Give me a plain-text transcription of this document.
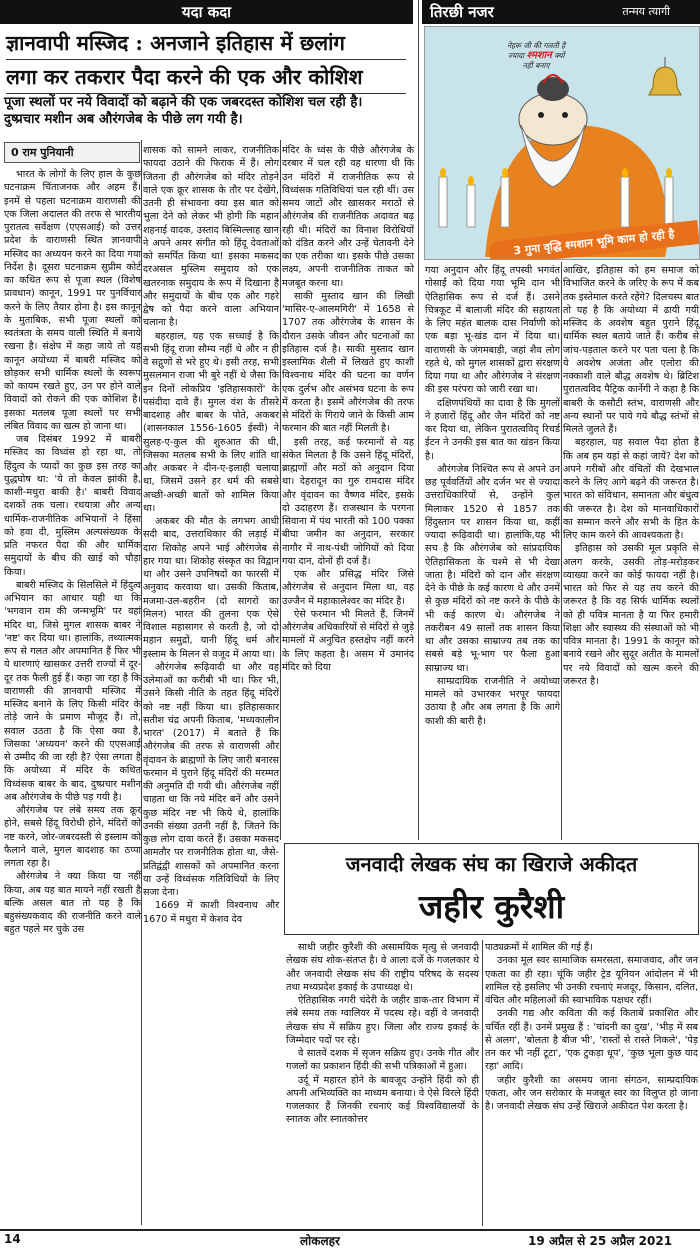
यदा कदा	तिरछी नजर	तन्मय त्यागी
ज्ञानवापी मस्जिद : अनजाने इतिहास में छलांग
लगा कर तकरार पैदा करने की एक और कोशिश
पूजा स्थलों पर नये विवादों को बढ़ाने की एक जबरदस्त कोशिश चल रही है।
दुष्प्रचार मशीन अब औरंगजेब के पीछे लग गयी है।
0 राम पुनियानी

भारत के लोगों के लिए हाल के कुछ घटनाक्रम चिंताजनक और अहम हैं। इनमें से पहला घटनाक्रम वाराणसी की एक जिला अदालत की तरफ से भारतीय पुरातत्व सर्वेक्षण (एएसआई) को उत्तर प्रदेश के वाराणसी स्थित ज्ञानवापी मस्जिद का अध्ययन करने का दिया गया निर्देश है। दूसरा घटनाक्रम सुप्रीम कोर्ट का कथित रूप से पूजा स्थल (विशेष प्रावधान) कानून, 1991 पर पुनर्विचार करने के लिए तैयार होना है। इस कानून के मुताबिक, सभी पूजा स्थलों को स्वतंत्रता के समय वाली स्थिति में बनाये रखना है। संक्षेप में कहा जाये तो यह कानून अयोध्या में बाबरी मस्जिद को छोड़कर सभी धार्मिक स्थलों के स्वरूप को कायम रखते हुए, उन पर होने वाले विवादों को रोकने की एक कोशिश है। इसका मतलब पूजा स्थलों पर सभी लंबित विवाद का खत्म हो जाना था।

जब दिसंबर 1992 में बाबरी मस्जिद का विध्वंस हो रहा था, तो हिंदुत्व के प्यादों का कुछ इस तरह का युद्धघोष था: 'ये तो केवल झांकी है, काशी-मथुरा बाकी है।' बाबरी विवाद दशकों तक चला। रथयात्रा और अन्य धार्मिक-राजनीतिक अभियानों ने हिंसा को हवा दी, मुस्लिम अल्पसंख्यक के प्रति नफरत पैदा की और धार्मिक समुदायों के बीच की खाई को चौड़ा किया।

बाबरी मस्जिद के सिलसिले में हिंदुत्व अभियान का आधार यही था कि 'भगवान राम की जन्मभूमि' पर वहां मंदिर था, जिसे मुगल शासक बाबर ने 'नष्ट' कर दिया था। हालांकि, तथ्यात्मक रूप से गलत और अपमानित हैं फिर भी ये धारणाएं खासकर उत्तरी राज्यों में दूर-दूर तक फैली हुई हैं। कहा जा रहा है कि वाराणसी की ज्ञानवापी मस्जिद में मस्जिद बनाने के लिए किसी मंदिर के तोड़े जाने के प्रमाण मौजूद हैं। तो, सवाल उठता है कि ऐसा क्या है, जिसका 'अध्ययन' करने की एएसआई से उम्मीद की जा रही है? ऐसा लगता है कि अयोध्या में मंदिर के कथित विध्वंसक बाबर के बाद, दुष्प्रचार मशीन अब औरंगजेब के पीछे पड़ गयी है।

औरंगजेब पर लंबे समय तक क्रूर होने, सबसे हिंदू विरोधी होने, मंदिरों को नष्ट करने, जोर-जबरदस्ती से इस्लाम को फैलाने वाले, मुगल बादशाह का ठप्पा लगता रहा है।

औरंगजेब ने क्या किया या नहीं किया, अब यह बात मायने नहीं रखती है बल्कि असल बात तो यह है कि बहुसंख्यकवाद की राजनीति करने वाले बहुत पहले मर चुके उस

शासक को सामने लाकर, राजनीतिक फायदा उठाने की फिराक में हैं। लोग जितना ही औरंगजेब को मंदिर तोड़ने वाले एक क्रूर शासक के तौर पर देखेंगे, उतनी ही संभावना क्या इस बात को भुला देने को लेकर भी होगी कि महान शहनाई वादक, उस्ताद बिस्मिल्लाह खान ने अपने अमर संगीत को हिंदू देवताओं को समर्पित किया था! इसका मकसद दरअसल मुस्लिम समुदाय को एक खतरनाक समुदाय के रूप में दिखाना है और समुदायों के बीच एक और गहरे द्वेष को पैदा करने वाला अभियान चलाना है।

बहरहाल, यह एक सच्चाई है कि सभी हिंदू राजा सौम्य नहीं थे और न ही वे सद्गुणों से भरे हुए थे। इसी तरह, सभी मुसलमान राजा भी बुरे नहीं थे जैसा कि इन दिनों लोकप्रिय 'इतिहासकारों' के पसंदीदा दावे हैं। मुगल वंश के तीसरे बादशाह और बाबर के पोते, अकबर (शासनकाल 1556-1605 ईस्वी) ने सुलह-ए-कुल की शुरुआत की थी, जिसका मतलब सभी के लिए शांति था और अकबर ने दीन-ए-इलाही चलाया था, जिसमें उसने हर धर्म की सबसे अच्छी-अच्छी बातों को शामिल किया था।

अकबर की मौत के लगभग आधी सदी बाद, उत्तराधिकार की लड़ाई में दारा शिकोह अपने भाई औरंगजेब से हार गया था। शिकोह संस्कृत का विद्वान था और उसने उपनिषदों का फारसी में अनुवाद करवाया था। उसकी किताब, मजमा-उल-बहरीन (दो सागरों का मिलन) भारत की तुलना एक ऐसे विशाल महासागर से करती है, जो दो महान समुद्रों, यानी हिंदू धर्म और इस्लाम के मिलन से वजूद में आया था।

औरंगजेब रूढ़िवादी था और वह उलेमाओं का करीबी भी था। फिर भी, उसने किसी नीति के तहत हिंदू मंदिरों को नष्ट नहीं किया था। इतिहासकार सतीश चंद्र अपनी किताब, 'मध्यकालीन भारत' (2017) में बताते हैं कि औरंगजेब की तरफ से वाराणसी और वृंदावन के ब्राह्मणों के लिए जारी बनारस फरमान में पुराने हिंदू मंदिरों की मरम्मत की अनुमति दी गयी थी। औरंगजेब नहीं चाहता था कि नये मंदिर बनें और उसने कुछ मंदिर नष्ट भी किये थे, हालांकि उनकी संख्या उतनी नहीं है, जितने कि कुछ लोग दावा करते हैं। उसका मकसद आमतौर पर राजनीतिक होता था, जैसे-प्रतिद्वंद्वी शासकों को अपमानित करना या उन्हें विध्वंसक गतिविधियों के लिए सजा देना।

1669 में काशी विश्वनाथ और 1670 में मथुरा में केशव देव

मंदिर के ध्वंस के पीछे औरंगजेब के दरबार में चल रही वह धारणा थी कि उन मंदिरों में राजनीतिक रूप से विध्वंसक गतिविधियां चल रही थीं। उस समय जाटों और खासकर मराठों से औरंगजेब की राजनीतिक अदावत बढ़ रही थी। मंदिरों का विनाश विरोधियों को दंडित करने और उन्हें चेतावनी देने का एक तरीका था। इसके पीछे उसका लक्ष्य, अपनी राजनीतिक ताकत को मजबूत करना था।

साकी मुस्ताद खान की लिखी 'मासिर-ए-आलमगिरी' में 1658 से 1707 तक औरंगजेब के शासन के दौरान उसके जीवन और घटनाओं का इतिहास दर्ज है। साकी मुस्ताद खान इस्लामिक शैली में लिखते हुए काशी विश्वनाथ मंदिर की घटना का वर्णन एक दुर्लभ और असंभव घटना के रूप में करता है। इसमें औरंगजेब की तरफ से मंदिरों के गिराये जाने के किसी आम फरमान की बात नहीं मिलती है।

इसी तरह, कई फरमानों से यह संकेत मिलता है कि उसने हिंदू मंदिरों, ब्राह्मणों और मठों को अनुदान दिया था। देहरादून का गुरु रामदास मंदिर और वृंदावन का वैष्णव मंदिर, इसके दो उदाहरण हैं। राजस्थान के परगना सिवाना में पंथ भारती को 100 पक्का बीघा जमीन का अनुदान, सरकार नागौर में नाथ-पंथी जोगियों को दिया गया दान, दोनों ही दर्ज हैं।

एक और प्रसिद्ध मंदिर जिसे औरंगजेब से अनुदान मिला था, वह उज्जैन में महाकालेश्वर का मंदिर है।

ऐसे फरमान भी मिलते हैं, जिनमें औरंगजेब अधिकारियों से मंदिरों से जुड़े मामलों में अनुचित हस्तक्षेप नहीं करने के लिए कहता है। असम में उमानंद मंदिर को दिया

नेहरू जी की गलती है
ज्यादा श्मशान क्यों
नहीं बनाए
3 गुना वृद्धि श्मशान भूमि काम हो रही है

गया अनुदान और हिंदू तपस्वी भगवंत गोसाईं को दिया गया भूमि दान भी ऐतिहासिक रूप से दर्ज हैं। उसने चित्रकूट में बालाजी मंदिर की सहायता के लिए महंत बालक दास निर्वाणी को एक बड़ा भू-खंड दान में दिया था। वाराणसी के जंगमबाड़ी, जहां शैव लोग रहते थे, को मुगल शासकों द्वारा संरक्षण दिया गया था और औरंगजेब ने संरक्षण की इस परंपरा को जारी रखा था।

दक्षिणपंथियों का दावा है कि मुगलों ने हजारों हिंदू और जैन मंदिरों को नष्ट कर दिया था, लेकिन पुरातत्वविद् रिचर्ड ईटन ने उनकी इस बात का खंडन किया है।

औरंगजेब निश्चित रूप से अपने उन छह पूर्ववर्तियों और दर्जन भर से ज्यादा उत्तराधिकारियों से, उन्होंने कुल मिलाकर 1520 से 1857 तक हिंदुस्तान पर शासन किया था, कहीं ज्यादा रूढ़िवादी था। हालांकि,यह भी सच है कि औरंगजेब को सांप्रदायिक ऐतिहासिकता के चश्मे से भी देखा जाता है। मंदिरों को दान और संरक्षण देने के पीछे के कई कारण थे और उनमें से कुछ मंदिरों को नष्ट करने के पीछे के भी कई कारण थे। औरंगजेब ने तकरीबन 49 सालों तक शासन किया था और उसका साम्राज्य तब तक का सबसे बड़े भू-भाग पर फैला हुआ साम्राज्य था।

साम्प्रदायिक राजनीति ने अयोध्या मामले को उभारकर भरपूर फायदा उठाया है और अब लगता है कि आगे काशी की बारी है।

आखिर, इतिहास को हम समाज को विभाजित करने के जरिए के रूप में कब तक इस्तेमाल करते रहेंगे? दिलचस्प बात तो यह है कि अयोध्या में ढायी गयी मस्जिद के अवशेष बहुत पुराने हिंदू धार्मिक स्थल बताये जाते हैं। करीब से जांच-पड़ताल करने पर पता चला है कि ये अवशेष अजंता और एलोरा की नक्काशी वाले बौद्ध अवशेष थे। ब्रिटिश पुरातत्वविद पैट्रिक कार्नेगी ने कहा है कि बाबरी के कसौटी स्तंभ, वाराणसी और अन्य स्थानों पर पाये गये बौद्ध स्तंभों से मिलते जुलते हैं।

बहरहाल, यह सवाल पैदा होता है कि अब हम यहां से कहां जायें? देश को अपने गरीबों और वंचितों की देखभाल करने के लिए आगे बढ़ने की जरूरत है। भारत को संविधान, समानता और बंधुत्व की जरूरत है। देश को मानवाधिकारों का सम्मान करने और सभी के हित के लिए काम करने की आवश्यकता है।

इतिहास को उसकी मूल प्रकृति से अलग करके, उसकी तोड़-मरोड़कर व्याख्या करने का कोई फायदा नहीं है। भारत को फिर से यह तय करने की जरूरत है कि वह सिर्फ धार्मिक स्थलों को ही पवित्र मानता है या फिर हमारी शिक्षा और स्वास्थ्य की संस्थाओं को भी पवित्र मानता है। 1991 के कानून को बनाये रखने और सुदूर अतीत के मामलों पर नये विवादों को खत्म करने की जरूरत है।

जनवादी लेखक संघ का खिराजे अकीदत
जहीर कुरैशी

साथी जहीर कुरैशी की असामयिक मृत्यु से जनवादी लेखक संघ शोक-संतप्त है। वे आला दर्जे के गजलकार थे और जनवादी लेखक संघ की राष्ट्रीय परिषद के सदस्य तथा मध्यप्रदेश इकाई के उपाध्यक्ष थे।

ऐतिहासिक नगरी चंदेरी के जहीर डाक-तार विभाग में लंबे समय तक ग्वालियर में पदस्थ रहे। वहीं वे जनवादी लेखक संघ में सक्रिय हुए। जिला और राज्य इकाई के जिम्मेदार पदों पर रहे।

वे सातवें दशक में सृजन सक्रिय हुए। उनके गीत और गजलों का प्रकाशन हिंदी की सभी पत्रिकाओं में हुआ।

उर्दू में महारत होने के बावजूद उन्होंने हिंदी को ही अपनी अभिव्यक्ति का माध्यम बनाया। वे ऐसे विरले हिंदी गजलकार हैं जिनकी रचनाएं कई विश्वविद्यालयों के स्नातक और स्नातकोत्तर

पाठ्यक्रमों में शामिल की गई हैं।

उनका मूल स्वर सामाजिक समरसता, समाजवाद, और जन एकता का ही रहा। चूंकि जहीर ट्रेड यूनियन आंदोलन में भी शामिल रहे इसलिए भी उनकी रचनाएं मजदूर, किसान, दलित, वंचित और महिलाओं की स्वाभाविक पक्षधर रहीं।

उनकी गद्य और कविता की कई किताबें प्रकाशित और चर्चित रहीं हैं। उनमें प्रमुख हैं : 'चांदनी का दुख', 'भीड़ में सब से अलग', 'बोलता है बीज भी', 'रास्तों से रास्ते निकले', 'पेड़ तन कर भी नहीं टूटा', 'एक टुकड़ा धूप', 'कुछ भूला कुछ याद रहा' आदि।

जहीर कुरैशी का असमय जाना संगठन, साम्प्रदायिक एकता, और जन सरोकार के मजबूत स्वर का विलुप्त हो जाना है। जनवादी लेखक संघ उन्हें खिराजे अकीदत पेश करता है।

14	लोकलहर	19 अप्रैल से 25 अप्रैल 2021
